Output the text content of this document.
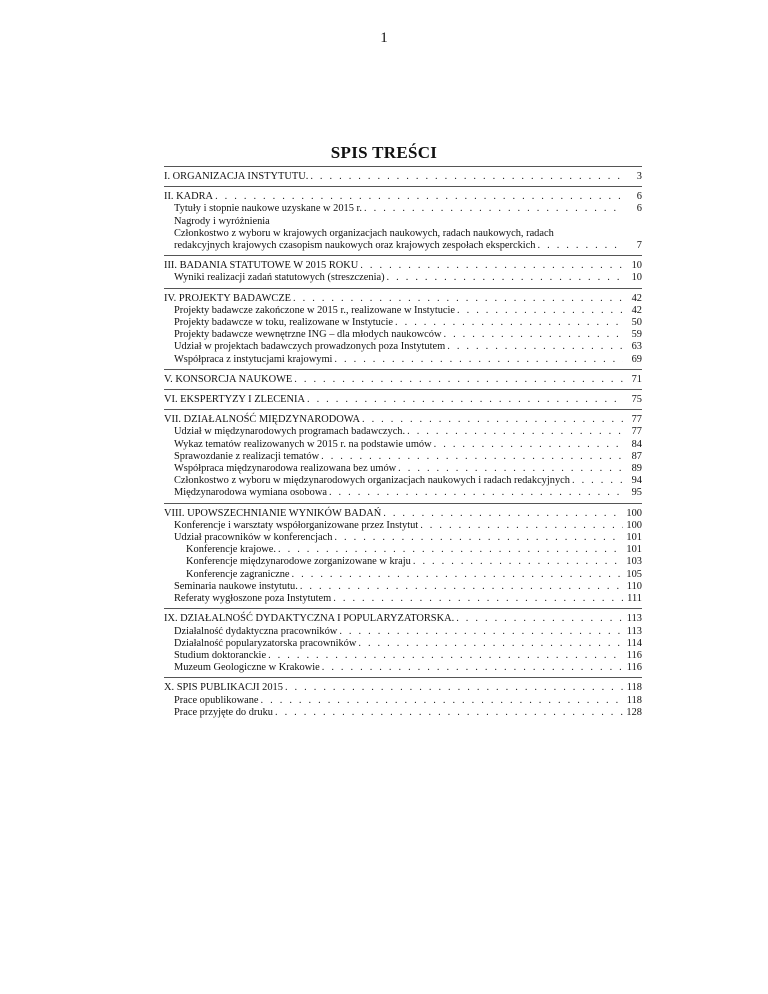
1
SPIS TREŚCI
I. ORGANIZACJA INSTYTUTU. . . .	3
II. KADRA . . .	6
Tytuły i stopnie naukowe uzyskane w 2015 r. . . .	6
Nagrody i wyróżnienia
Członkostwo z wyboru w krajowych organizacjach naukowych, radach naukowych, radach
redakcyjnych krajowych czasopism naukowych oraz krajowych zespołach eksperckich . . .	7
III. BADANIA STATUTOWE W 2015 ROKU . . .	10
Wyniki realizacji zadań statutowych (streszczenia) . . .	10
IV. PROJEKTY BADAWCZE . . .	42
Projekty badawcze zakończone w 2015 r., realizowane w Instytucie . . .	42
Projekty badawcze w toku, realizowane w Instytucie . . .	50
Projekty badawcze wewnętrzne ING – dla młodych naukowców . . .	59
Udział w projektach badawczych prowadzonych poza Instytutem . . .	63
Współpraca z instytucjami krajowymi . . .	69
V. KONSORCJA NAUKOWE . . .	71
VI. EKSPERTYZY I ZLECENIA . . .	75
VII. DZIAŁALNOŚĆ MIĘDZYNARODOWA . . .	77
Udział w międzynarodowych programach badawczych. . . .	77
Wykaz tematów realizowanych w 2015 r. na podstawie umów . . .	84
Sprawozdanie z realizacji tematów . . .	87
Współpraca międzynarodowa realizowana bez umów . . .	89
Członkostwo z wyboru w międzynarodowych organizacjach naukowych i radach redakcyjnych . . .	94
Międzynarodowa wymiana osobowa . . .	95
VIII. UPOWSZECHNIANIE WYNIKÓW BADAŃ . . .	100
Konferencje i warsztaty współorganizowane przez Instytut . . .	100
Udział pracowników w konferencjach . . .	101
Konferencje krajowe. . . .	101
Konferencje międzynarodowe zorganizowane w kraju . . .	103
Konferencje zagraniczne . . .	105
Seminaria naukowe instytutu. . . .	110
Referaty wygłoszone poza Instytutem . . .	111
IX. DZIAŁALNOŚĆ DYDAKTYCZNA I POPULARYZATORSKA. . . .	113
Działalność dydaktyczna pracowników . . .	113
Działalność popularyzatorska pracowników . . .	114
Studium doktoranckie . . .	116
Muzeum Geologiczne w Krakowie . . .	116
X. SPIS PUBLIKACJI 2015 . . .	118
Prace opublikowane . . .	118
Prace przyjęte do druku . . .	128
